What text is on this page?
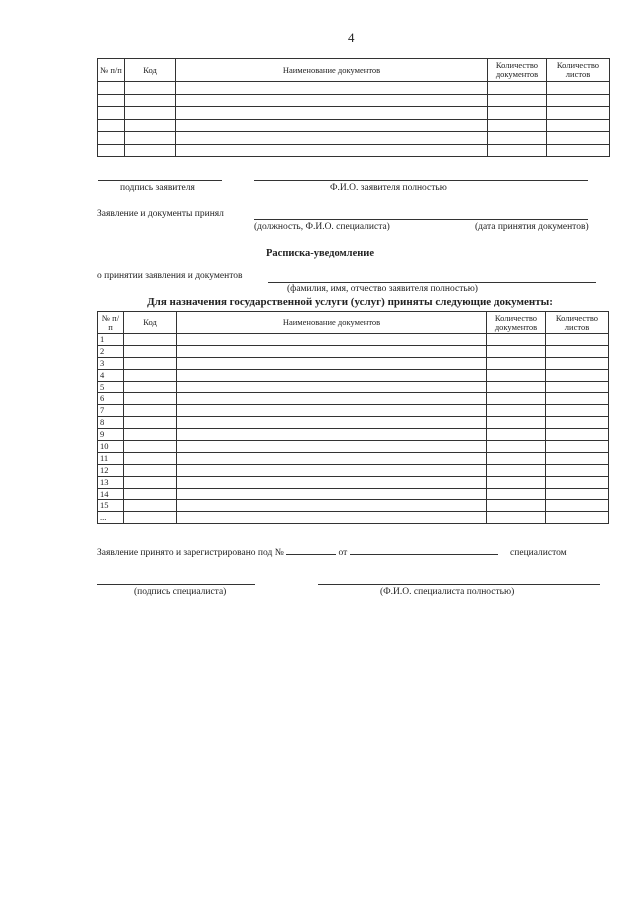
4
№ п/п	Код	Наименование документов	Количество документов	Количество листов

подпись заявителя	Ф.И.О. заявителя полностью
Заявление и документы принял
(должность, Ф.И.О. специалиста)	(дата принятия документов)
Расписка-уведомление
о принятии заявления и документов
(фамилия, имя, отчество заявителя полностью)
Для назначения государственной услуги (услуг) приняты следующие документы:
№ п/п	Код	Наименование документов	Количество документов	Количество листов
1				
2				
3				
4				
5				
6				
7				
8				
9				
10				
11				
12				
13				
14				
15				
...				
Заявление принято и зарегистрировано под №	от	специалистом
(подпись специалиста)	(Ф.И.О. специалиста полностью)
